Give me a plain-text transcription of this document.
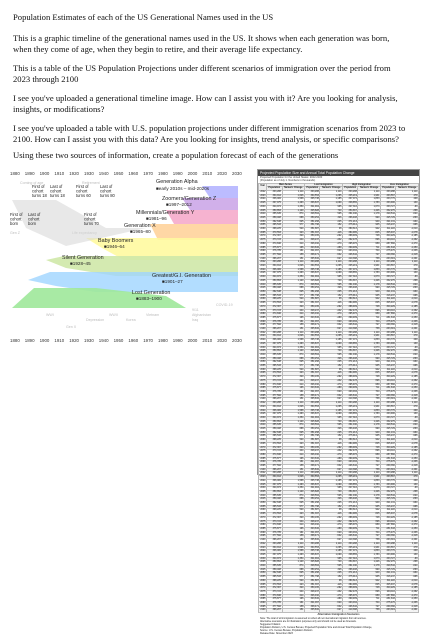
Population Estimates of each of the US Generational Names used in the US
This is a graphic timeline of the generational names used in the US. It shows when each generation was born, when they come of age, when they begin to retire, and their average life expectancy.
This is a table of the US Population Projections under different scenarios of immigration over the period from 2023 through 2100
I see you've uploaded a generational timeline image. How can I assist you with it? Are you looking for analysis, insights, or modifications?
I see you've uploaded a table with U.S. population projections under different immigration scenarios from 2023 to 2100. How can I assist you with this data? Are you looking for insights, trend analysis, or specific comparisons?
Using these two sources of information, create a population forecast of each of the generations
1880 1890 1900 1910 1920 1930 1940 1950 1960 1970 1980 1990 2000 2010 2020 2030
1880 1890 1900 1910 1920 1930 1940 1950 1960 1970 1980 1990 2000 2010 2020 2030
Coming of age	Retirement
Depression
WWI	WWII
Korea
Vietnam	Afghanistan
Iraq
COVID-19
9/11
Gen Z
Gen X
First of cohort born
First of cohort turns 18
Last of cohort turns 18
First of cohort turns 60
Last of cohort turns 80
Last of cohort born
First of cohort turns 70
Generation Alpha
■early 2010s – mid-2020s
Zoomers/Generation Z
■1997–2012
Millennials/Generation Y
■1981–96
Generation X
■1965–80
Baby Boomers
■1946–64
Silent Generation
■1928–45
Greatest/G.I. Generation
■1901–27
Lost Generation
■1883–1900
Projected Population Size and Annual Total Population Change
Projected Population for the United States: 2022-2100
(Population as of July 1. Numbers in thousands)
Year	Main Series		Low Immigration		High Immigration		Zero Immigration	
	Population	Numeric Change	Population	Numeric Change	Population	Numeric Change	Population	Numeric Change
2022	333,288	1,114	333,288	1,114	333,288	1,114	333,288	1,114
2023	334,914	1,626	334,553	1,265	335,219	1,931	333,567	279
2024	336,482	1,568	335,738	1,185	337,072	1,853	333,776	209
2025	337,975	1,493	336,837	1,099	338,855	1,783	333,906	130
2030	344,974	1,354	341,904	965	347,316	1,673	333,727	-63
2035	350,853	1,120	345,828	740	354,667	1,426	332,276	-368
2040	355,635	874	348,564	505	361,040	1,178	329,544	-624
2045	359,408	688	350,254	326	366,408	990	325,729	-863
2050	362,638	625	351,268	245	371,213	940	321,131	-964
2055	365,533	577	351,798	152	375,914	935	316,247	-996
2060	368,225	520	351,887	38	380,613	922	311,222	-1,014
2065	370,553	423	351,397	-116	384,995	845	305,947	-1,078
2070	372,367	320	350,165	-292	388,909	748	300,229	-1,185
2075	373,723	244	348,247	-432	392,478	696	294,116	-1,262
2080	374,846	214	346,010	-474	395,976	689	287,866	-1,274
2085	375,877	196	343,632	-489	399,489	711	281,643	-1,254
2090	376,785	161	341,097	-520	403,034	704	275,476	-1,236
2095	377,592	158	338,471	-532	406,642	727	269,366	-1,218
2100	366,207	151	335,832	-527	410,398	758	263,319	-1,201
2022	333,288	1,114	333,288	1,114	333,288	1,114	333,288	1,114
2023	334,914	1,626	334,553	1,265	335,219	1,931	333,567	279
2024	336,482	1,568	335,738	1,185	337,072	1,853	333,776	209
2025	337,975	1,493	336,837	1,099	338,855	1,783	333,906	130
2030	344,974	1,354	341,904	965	347,316	1,673	333,727	-63
2035	350,853	1,120	345,828	740	354,667	1,426	332,276	-368
2040	355,635	874	348,564	505	361,040	1,178	329,544	-624
2045	359,408	688	350,254	326	366,408	990	325,729	-863
2050	362,638	625	351,268	245	371,213	940	321,131	-964
2055	365,533	577	351,798	152	375,914	935	316,247	-996
2060	368,225	520	351,887	38	380,613	922	311,222	-1,014
2065	370,553	423	351,397	-116	384,995	845	305,947	-1,078
2070	372,367	320	350,165	-292	388,909	748	300,229	-1,185
2075	373,723	244	348,247	-432	392,478	696	294,116	-1,262
2080	374,846	214	346,010	-474	395,976	689	287,866	-1,274
2085	375,877	196	343,632	-489	399,489	711	281,643	-1,254
2090	376,785	161	341,097	-520	403,034	704	275,476	-1,236
2095	377,592	158	338,471	-532	406,642	727	269,366	-1,218
2100	366,207	151	335,832	-527	410,398	758	263,319	-1,201
2022	333,288	1,114	333,288	1,114	333,288	1,114	333,288	1,114
2023	334,914	1,626	334,553	1,265	335,219	1,931	333,567	279
2024	336,482	1,568	335,738	1,185	337,072	1,853	333,776	209
2025	337,975	1,493	336,837	1,099	338,855	1,783	333,906	130
2030	344,974	1,354	341,904	965	347,316	1,673	333,727	-63
2035	350,853	1,120	345,828	740	354,667	1,426	332,276	-368
2040	355,635	874	348,564	505	361,040	1,178	329,544	-624
2045	359,408	688	350,254	326	366,408	990	325,729	-863
2050	362,638	625	351,268	245	371,213	940	321,131	-964
2055	365,533	577	351,798	152	375,914	935	316,247	-996
2060	368,225	520	351,887	38	380,613	922	311,222	-1,014
2065	370,553	423	351,397	-116	384,995	845	305,947	-1,078
2070	372,367	320	350,165	-292	388,909	748	300,229	-1,185
2075	373,723	244	348,247	-432	392,478	696	294,116	-1,262
2080	374,846	214	346,010	-474	395,976	689	287,866	-1,274
2085	375,877	196	343,632	-489	399,489	711	281,643	-1,254
2090	376,785	161	341,097	-520	403,034	704	275,476	-1,236
2095	377,592	158	338,471	-532	406,642	727	269,366	-1,218
2100	366,207	151	335,832	-527	410,398	758	263,319	-1,201
2022	333,288	1,114	333,288	1,114	333,288	1,114	333,288	1,114
2023	334,914	1,626	334,553	1,265	335,219	1,931	333,567	279
2024	336,482	1,568	335,738	1,185	337,072	1,853	333,776	209
2025	337,975	1,493	336,837	1,099	338,855	1,783	333,906	130
2030	344,974	1,354	341,904	965	347,316	1,673	333,727	-63
2035	350,853	1,120	345,828	740	354,667	1,426	332,276	-368
2040	355,635	874	348,564	505	361,040	1,178	329,544	-624
2045	359,408	688	350,254	326	366,408	990	325,729	-863
2050	362,638	625	351,268	245	371,213	940	321,131	-964
2055	365,533	577	351,798	152	375,914	935	316,247	-996
2060	368,225	520	351,887	38	380,613	922	311,222	-1,014
2065	370,553	423	351,397	-116	384,995	845	305,947	-1,078
2070	372,367	320	350,165	-292	388,909	748	300,229	-1,185
2075	373,723	244	348,247	-432	392,478	696	294,116	-1,262
2080	374,846	214	346,010	-474	395,976	689	287,866	-1,274
2085	375,877	196	343,632	-489	399,489	711	281,643	-1,254
2090	376,785	161	341,097	-520	403,034	704	275,476	-1,236
2095	377,592	158	338,471	-532	406,642	727	269,366	-1,218
2100	366,207	151	335,832	-527	410,398	758	263,319	-1,201
2022	333,288	1,114	333,288	1,114	333,288	1,114	333,288	1,114
2023	334,914	1,626	334,553	1,265	335,219	1,931	333,567	279
2024	336,482	1,568	335,738	1,185	337,072	1,853	333,776	209
2025	337,975	1,493	336,837	1,099	338,855	1,783	333,906	130
2030	344,974	1,354	341,904	965	347,316	1,673	333,727	-63
2035	350,853	1,120	345,828	740	354,667	1,426	332,276	-368
2040	355,635	874	348,564	505	361,040	1,178	329,544	-624
2045	359,408	688	350,254	326	366,408	990	325,729	-863
2050	362,638	625	351,268	245	371,213	940	321,131	-964
2055	365,533	577	351,798	152	375,914	935	316,247	-996
2060	368,225	520	351,887	38	380,613	922	311,222	-1,014
2065	370,553	423	351,397	-116	384,995	845	305,947	-1,078
2070	372,367	320	350,165	-292	388,909	748	300,229	-1,185
2075	373,723	244	348,247	-432	392,478	696	294,116	-1,262
2080	374,846	214	346,010	-474	395,976	689	287,866	-1,274
2085	375,877	196	343,632	-489	399,489	711	281,643	-1,254
2090	376,785	161	341,097	-520	403,034	704	275,476	-1,236
2095	377,592	158	338,471	-532	406,642	727	269,366	-1,218
2100	366,207	151	335,832	-527	410,398	758	263,319	-1,201
2022	333,288	1,114	333,288	1,114	333,288	1,114	333,288	1,114
2023	334,914	1,626	334,553	1,265	335,219	1,931	333,567	279
2024	336,482	1,568	335,738	1,185	337,072	1,853	333,776	209
2025	337,975	1,493	336,837	1,099	338,855	1,783	333,906	130
2030	344,974	1,354	341,904	965	347,316	1,673	333,727	-63
2035	350,853	1,120	345,828	740	354,667	1,426	332,276	-368
2040	355,635	874	348,564	505	361,040	1,178	329,544	-624
2045	359,408	688	350,254	326	366,408	990	325,729	-863
2050	362,638	625	351,268	245	371,213	940	321,131	-964
2055	365,533	577	351,798	152	375,914	935	316,247	-996
2060	368,225	520	351,887	38	380,613	922	311,222	-1,014
2065	370,553	423	351,397	-116	384,995	845	305,947	-1,078
2070	372,367	320	350,165	-292	388,909	748	300,229	-1,185
2075	373,723	244	348,247	-432	392,478	696	294,116	-1,262
2080	374,846	214	346,010	-474	395,976	689	287,866	-1,274
2085	375,877	196	343,632	-489	399,489	711	281,643	-1,254
2090	376,785	161	341,097	-520	403,034	704	275,476	-1,236
2095	377,592	158	338,471	-532	406,642	727	269,366	-1,218
2100	366,207	151	335,832	-527	410,398	758	263,319	-1,201
Alternative Immigration Scenarios
Note: The total of all immigration is assumed to reflect all net international migration from all sources.
Alternative scenarios are for illustration purposes only and should not be used as forecasts.
Suggested Citation:
Population Division, U.S. Census Bureau, Projected Population Size and Annual Total Population Change,
Source: U.S. Census Bureau, Population Division
Release Date: November 2023
